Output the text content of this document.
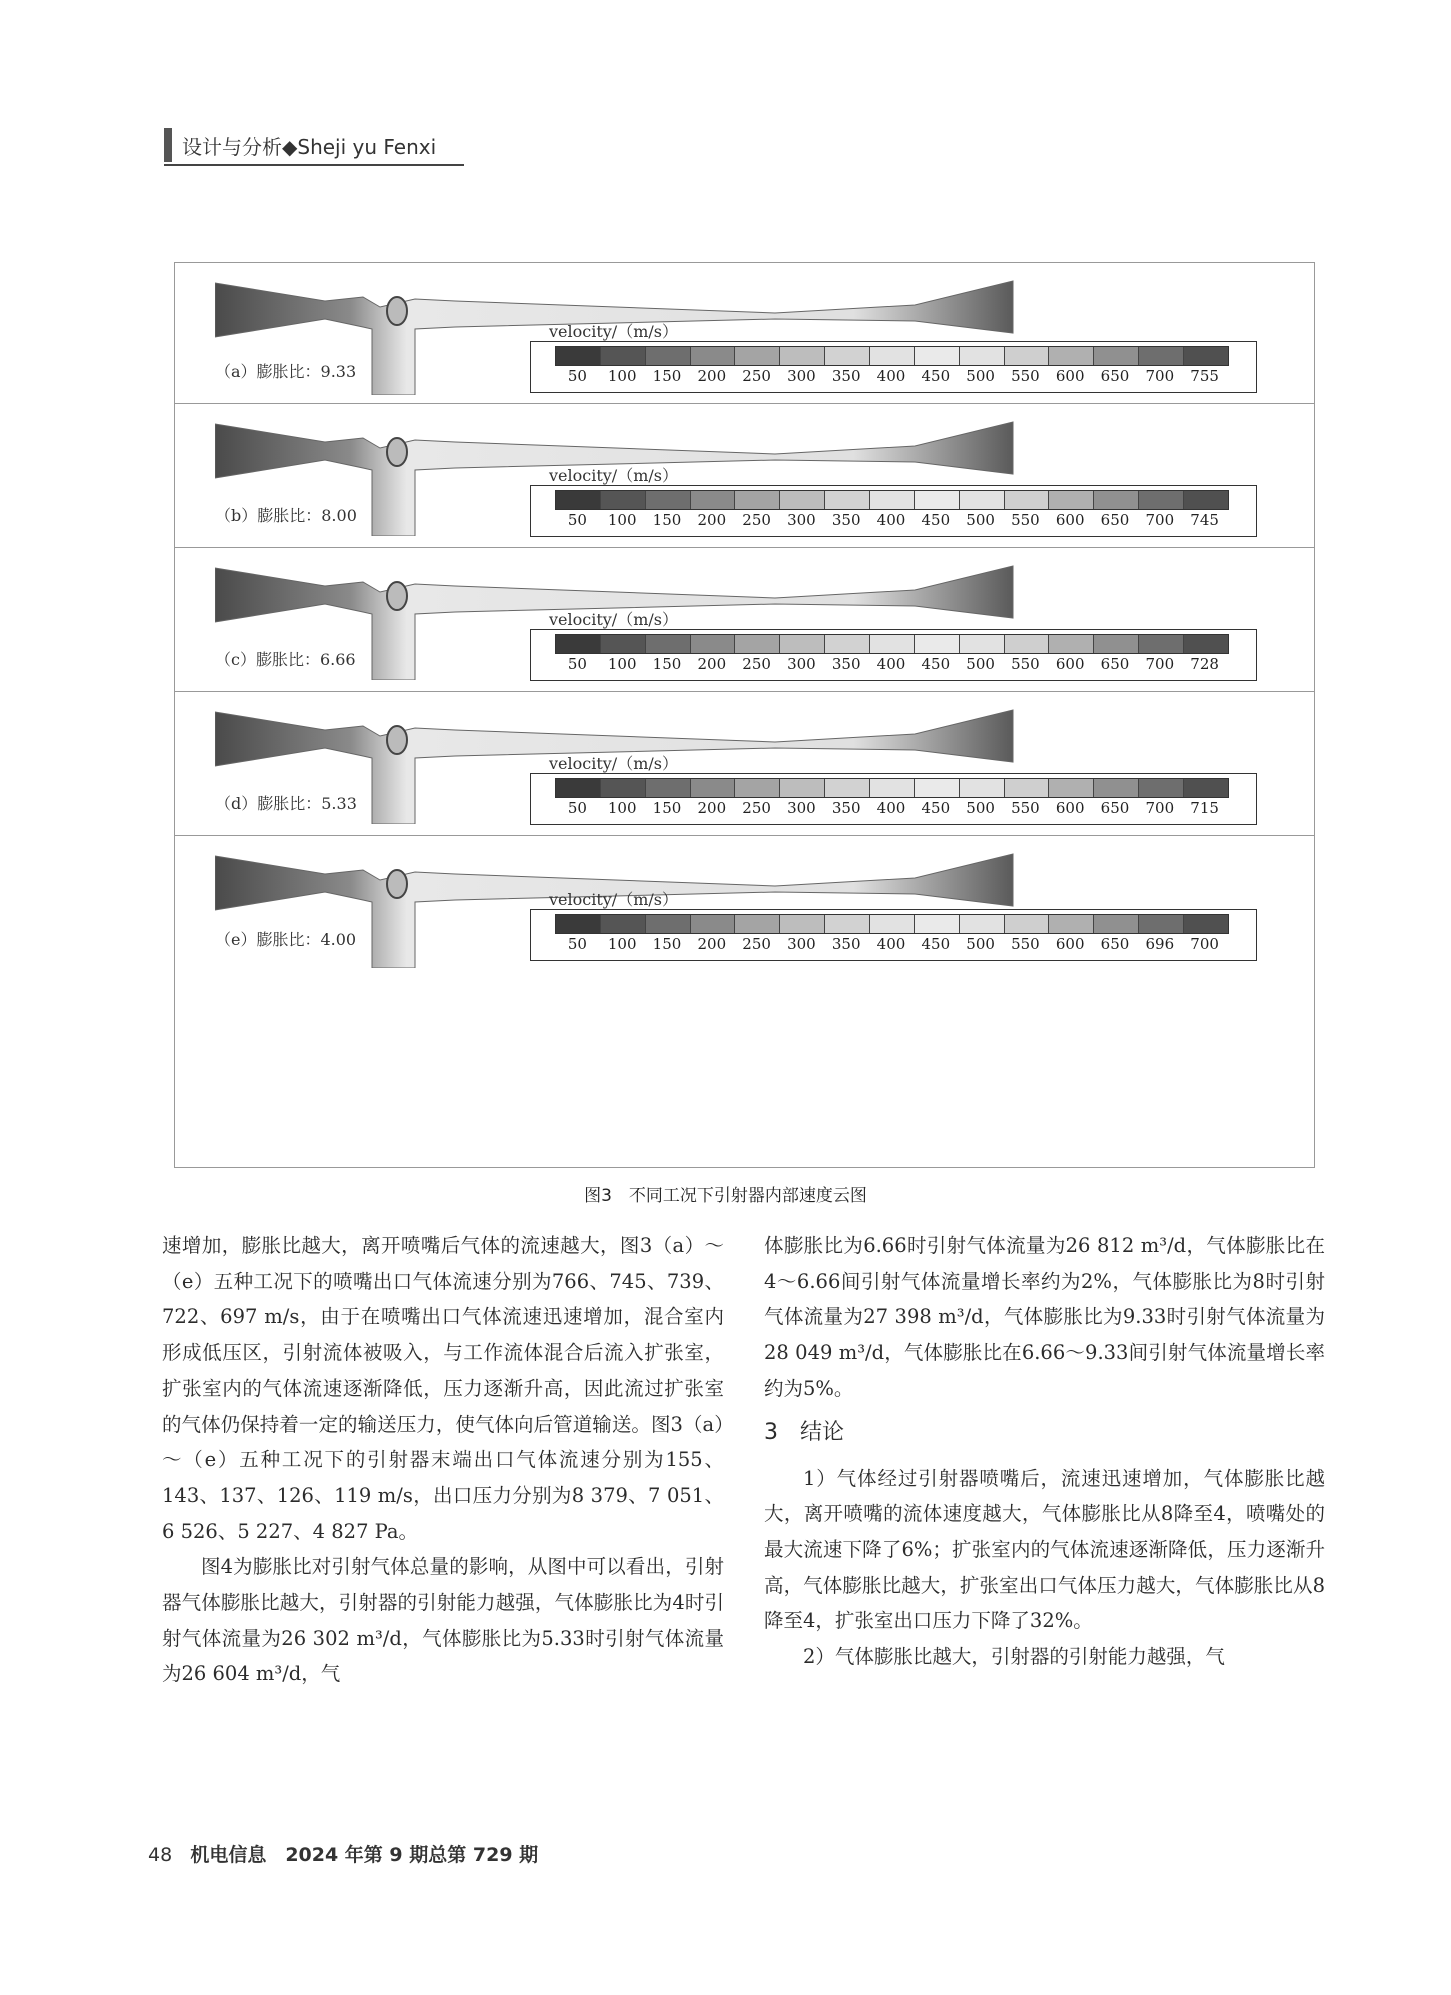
设计与分析◆Sheji yu Fenxi
（a）膨胀比：9.33
velocity/（m/s）
50 100 150 200 250 300 350 400 450 500 550 600 650 700 755
（b）膨胀比：8.00
velocity/（m/s）
50 100 150 200 250 300 350 400 450 500 550 600 650 700 745
（c）膨胀比：6.66
velocity/（m/s）
50 100 150 200 250 300 350 400 450 500 550 600 650 700 728
（d）膨胀比：5.33
velocity/（m/s）
50 100 150 200 250 300 350 400 450 500 550 600 650 700 715
（e）膨胀比：4.00
velocity/（m/s）
50 100 150 200 250 300 350 400 450 500 550 600 650 696 700
图3　不同工况下引射器内部速度云图

速增加，膨胀比越大，离开喷嘴后气体的流速越大，图3（a）～（e）五种工况下的喷嘴出口气体流速分别为766、745、739、722、697 m/s，由于在喷嘴出口气体流速迅速增加，混合室内形成低压区，引射流体被吸入，与工作流体混合后流入扩张室，扩张室内的气体流速逐渐降低，压力逐渐升高，因此流过扩张室的气体仍保持着一定的输送压力，使气体向后管道输送。图3（a）～（e）五种工况下的引射器末端出口气体流速分别为155、143、137、126、119 m/s，出口压力分别为8 379、7 051、6 526、5 227、4 827 Pa。

图4为膨胀比对引射气体总量的影响，从图中可以看出，引射器气体膨胀比越大，引射器的引射能力越强，气体膨胀比为4时引射气体流量为26 302 m³/d，气体膨胀比为5.33时引射气体流量为26 604 m³/d，气

体膨胀比为6.66时引射气体流量为26 812 m³/d，气体膨胀比在4～6.66间引射气体流量增长率约为2%，气体膨胀比为8时引射气体流量为27 398 m³/d，气体膨胀比为9.33时引射气体流量为28 049 m³/d，气体膨胀比在6.66～9.33间引射气体流量增长率约为5%。

3　结论

1）气体经过引射器喷嘴后，流速迅速增加，气体膨胀比越大，离开喷嘴的流体速度越大，气体膨胀比从8降至4，喷嘴处的最大流速下降了6%；扩张室内的气体流速逐渐降低，压力逐渐升高，气体膨胀比越大，扩张室出口气体压力越大，气体膨胀比从8降至4，扩张室出口压力下降了32%。

2）气体膨胀比越大，引射器的引射能力越强，气

48 机电信息　2024 年第 9 期总第 729 期
